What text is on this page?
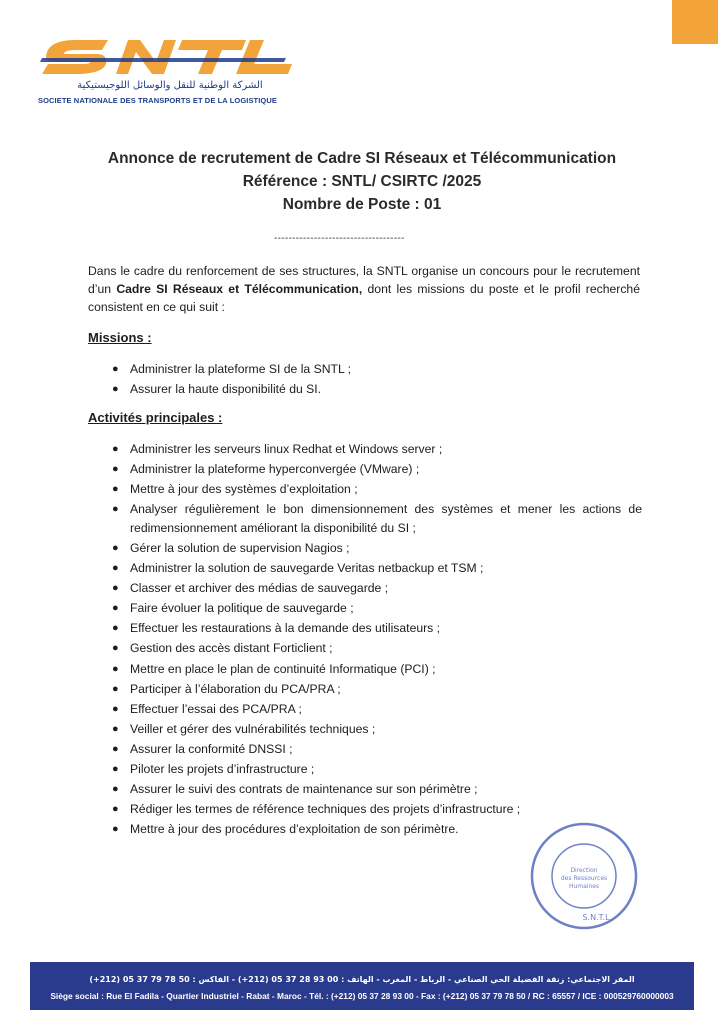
الشركة الوطنية للنقل والوسائل اللوجيستيكية
SOCIETE NATIONALE DES TRANSPORTS ET DE LA LOGISTIQUE
Annonce de recrutement de Cadre SI Réseaux et Télécommunication
Référence : SNTL/ CSIRTC /2025
Nombre de Poste : 01
------------------------------------
Dans le cadre du renforcement de ses structures, la SNTL organise un concours pour le recrutement d’un Cadre SI Réseaux et Télécommunication, dont les missions du poste et le profil recherché consistent en ce qui suit :
Missions :
● Administrer la plateforme SI de la SNTL ;
● Assurer la haute disponibilité du SI.
Activités principales :
● Administrer les serveurs linux Redhat et Windows server ;
● Administrer la plateforme hyperconvergée (VMware) ;
● Mettre à jour des systèmes d’exploitation ;
● Analyser régulièrement le bon dimensionnement des systèmes et mener les actions de redimensionnement améliorant la disponibilité du SI ;
● Gérer la solution de supervision Nagios ;
● Administrer la solution de sauvegarde Veritas netbackup et TSM ;
● Classer et archiver des médias de sauvegarde ;
● Faire évoluer la politique de sauvegarde ;
● Effectuer les restaurations à la demande des utilisateurs ;
● Gestion des accès distant Forticlient ;
● Mettre en place le plan de continuité Informatique (PCI) ;
● Participer à l’élaboration du PCA/PRA ;
● Effectuer l’essai des PCA/PRA ;
● Veiller et gérer des vulnérabilités techniques ;
● Assurer la conformité DNSSI ;
● Piloter les projets d’infrastructure ;
● Assurer le suivi des contrats de maintenance sur son périmètre ;
● Rédiger les termes de référence techniques des projets d’infrastructure ;
● Mettre à jour des procédures d’exploitation de son périmètre.
Direction
des Ressources
Humaines
S.N.T.L
المقر الاجتماعي: زنقة الفضيلة الحي الصناعي - الرباط - المغرب - الهاتف : 00 93 28 37 05 (212+) - الفاكس : 50 78 79 37 05 (212+)
Siège social : Rue El Fadila - Quartier Industriel - Rabat - Maroc - Tél. : (+212) 05 37 28 93 00 - Fax : (+212) 05 37 79 78 50 / RC : 65557 / ICE : 000529760000003
